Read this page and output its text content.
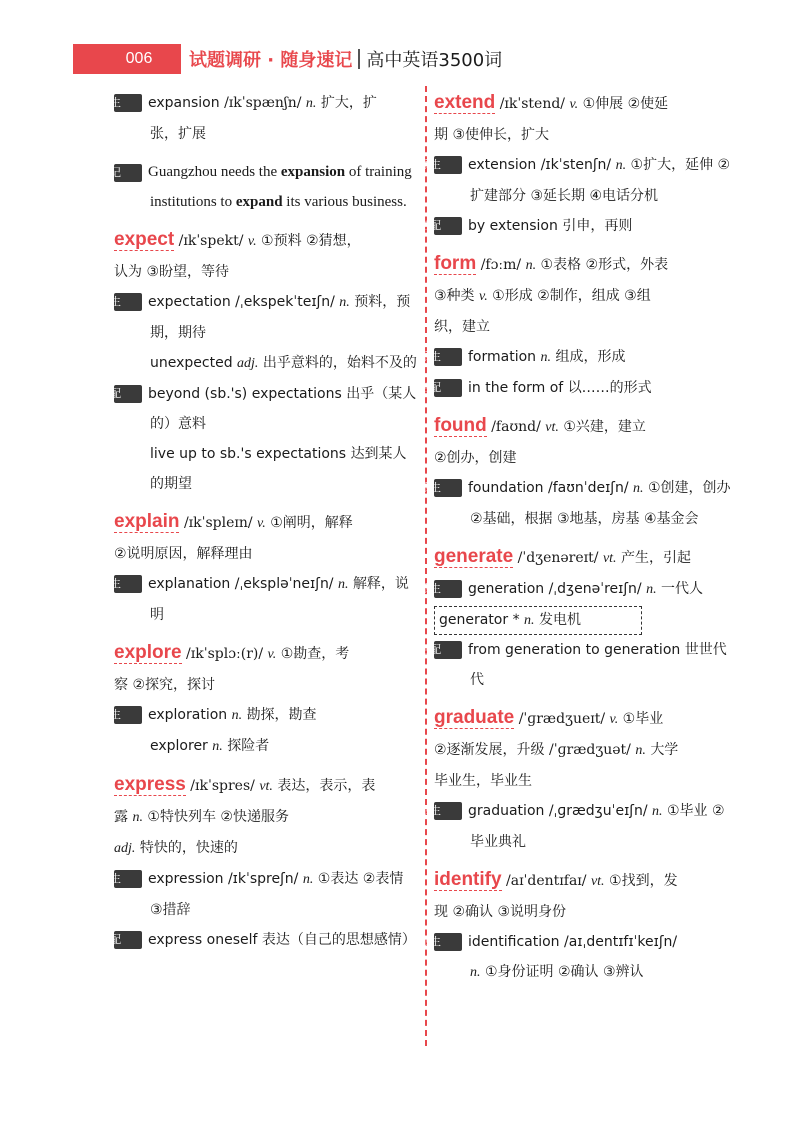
006	试题调研 · 随身速记 高中英语3500词
派生 expansion /ɪkˈspænʃn/ n. 扩大，扩
张，扩展
串记 Guangzhou needs the expansion of training institutions to expand its various business.
expect /ɪkˈspekt/ v. ①预料 ②猜想，
认为 ③盼望，等待
派生 expectation /ˌekspekˈteɪʃn/ n. 预料，预期，期待
unexpected adj. 出乎意料的，始料不及的
搭配 beyond (sb.'s) expectations 出乎（某人的）意料
live up to sb.'s expectations 达到某人的期望
explain /ɪkˈspleɪn/ v. ①阐明，解释
②说明原因，解释理由
派生 explanation /ˌekspləˈneɪʃn/ n. 解释，说明
explore /ɪkˈsplɔː(r)/ v. ①勘查，考
察 ②探究，探讨
派生 exploration n. 勘探，勘查
explorer n. 探险者
express /ɪkˈspres/ vt. 表达，表示，表
露 n. ①特快列车 ②快递服务
adj. 特快的，快速的
派生 expression /ɪkˈspreʃn/ n. ①表达 ②表情 ③措辞
搭配 express oneself 表达（自己的思想感情）
extend /ɪkˈstend/ v. ①伸展 ②使延
期 ③使伸长，扩大
派生 extension /ɪkˈstenʃn/ n. ①扩大，延伸 ②扩建部分 ③延长期 ④电话分机
搭配 by extension 引申，再则
form /fɔːm/ n. ①表格 ②形式，外表
③种类 v. ①形成 ②制作，组成 ③组
织，建立
派生 formation n. 组成，形成
搭配 in the form of 以……的形式
found /faʊnd/ vt. ①兴建，建立
②创办，创建
派生 foundation /faʊnˈdeɪʃn/ n. ①创建，创办 ②基础，根据 ③地基，房基 ④基金会
generate /ˈdʒenəreɪt/ vt. 产生，引起
派生 generation /ˌdʒenəˈreɪʃn/ n. 一代人
generator * n. 发电机
搭配 from generation to generation 世世代代
graduate /ˈɡrædʒueɪt/ v. ①毕业
②逐渐发展，升级 /ˈɡrædʒuət/ n. 大学
毕业生，毕业生
派生 graduation /ˌɡrædʒuˈeɪʃn/ n. ①毕业 ②毕业典礼
identify /aɪˈdentɪfaɪ/ vt. ①找到，发
现 ②确认 ③说明身份
派生 identification /aɪˌdentɪfɪˈkeɪʃn/
n. ①身份证明 ②确认 ③辨认
